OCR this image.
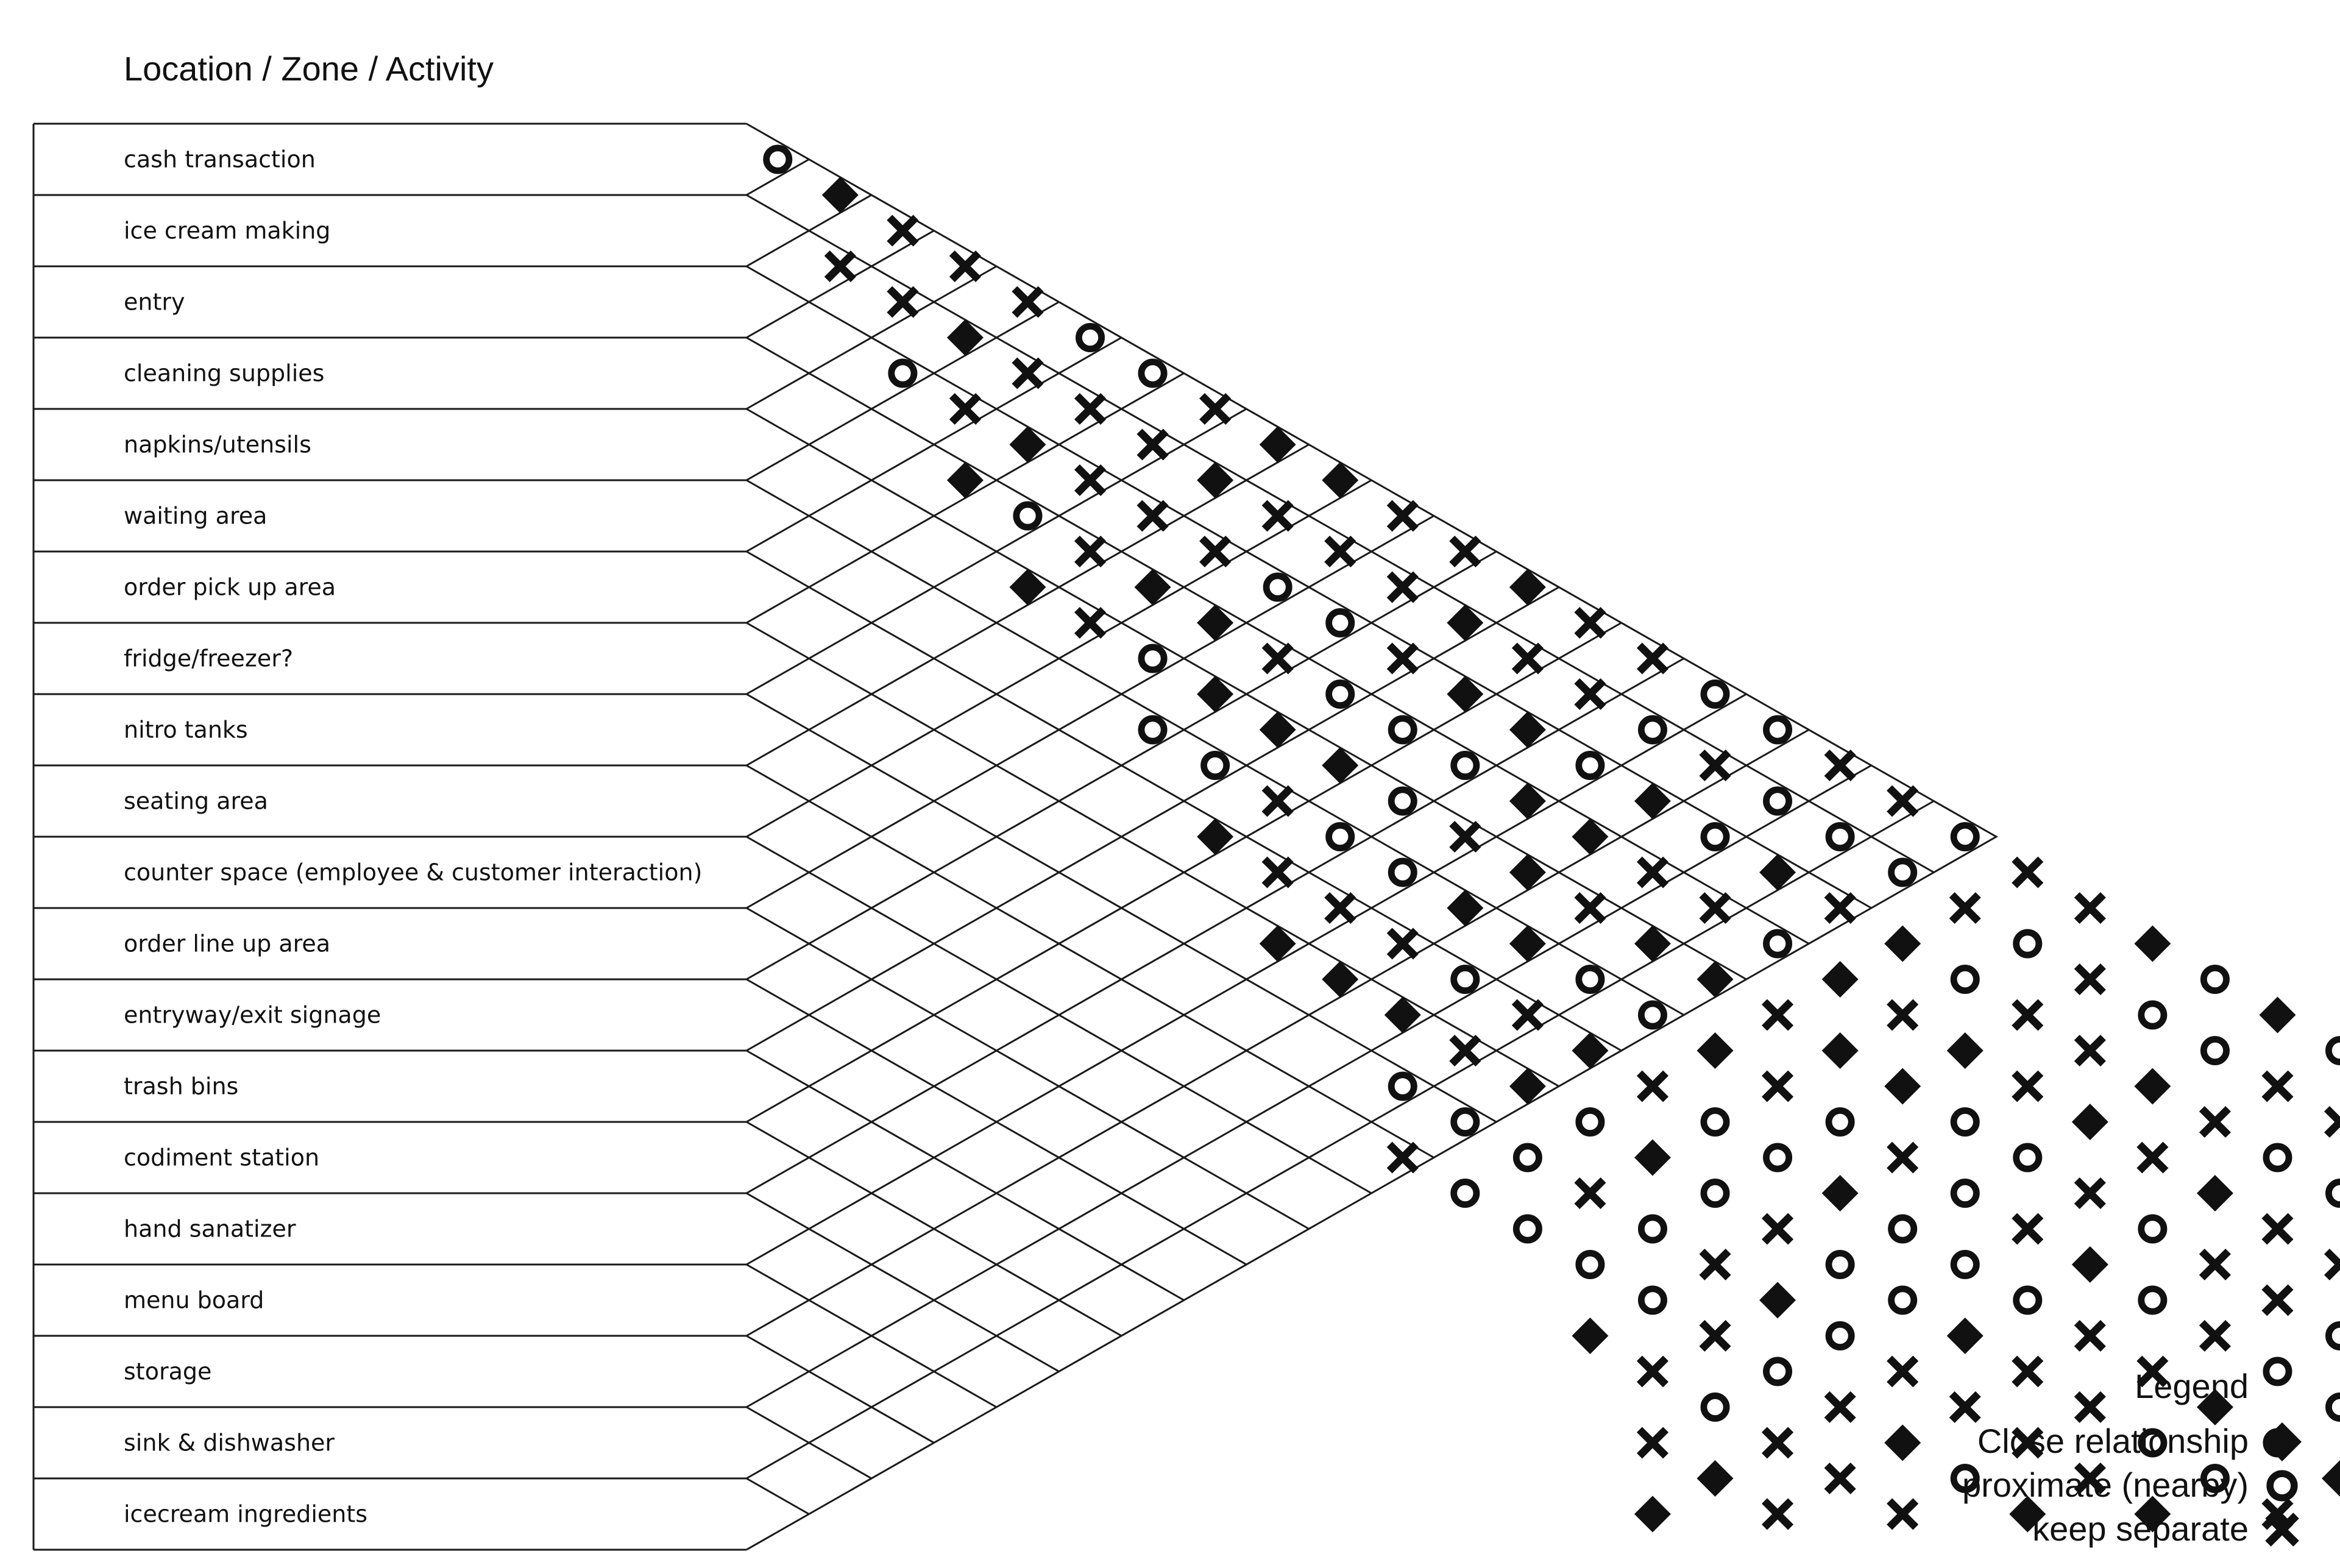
Location / Zone / Activity
cash transaction
ice cream making
entry
cleaning supplies
napkins/utensils
waiting area
order pick up area
fridge/freezer?
nitro tanks
seating area
counter space (employee & customer interaction)
order line up area
entryway/exit signage
trash bins
codiment station
hand sanatizer
menu board
storage
sink & dishwasher
icecream ingredients
Legend
Close relationship
proximate (nearby)
keep separate
